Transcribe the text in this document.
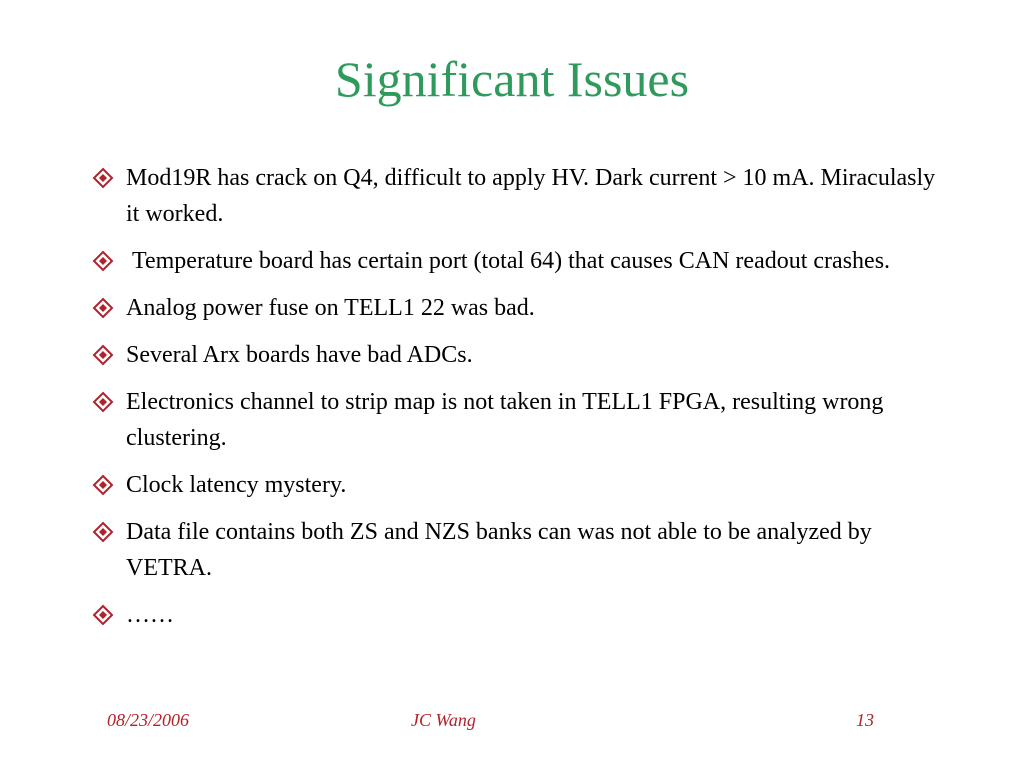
Significant Issues
Mod19R has crack on Q4, difficult to apply HV. Dark current > 10 mA. Miraculasly it worked.
Temperature board has certain port (total 64) that causes CAN readout crashes.
Analog power fuse on TELL1 22 was bad.
Several Arx boards have bad ADCs.
Electronics channel to strip map is not taken in TELL1 FPGA, resulting wrong clustering.
Clock latency mystery.
Data file contains both ZS and NZS banks can was not able to be analyzed by VETRA.
……
08/23/2006	JC Wang	13
